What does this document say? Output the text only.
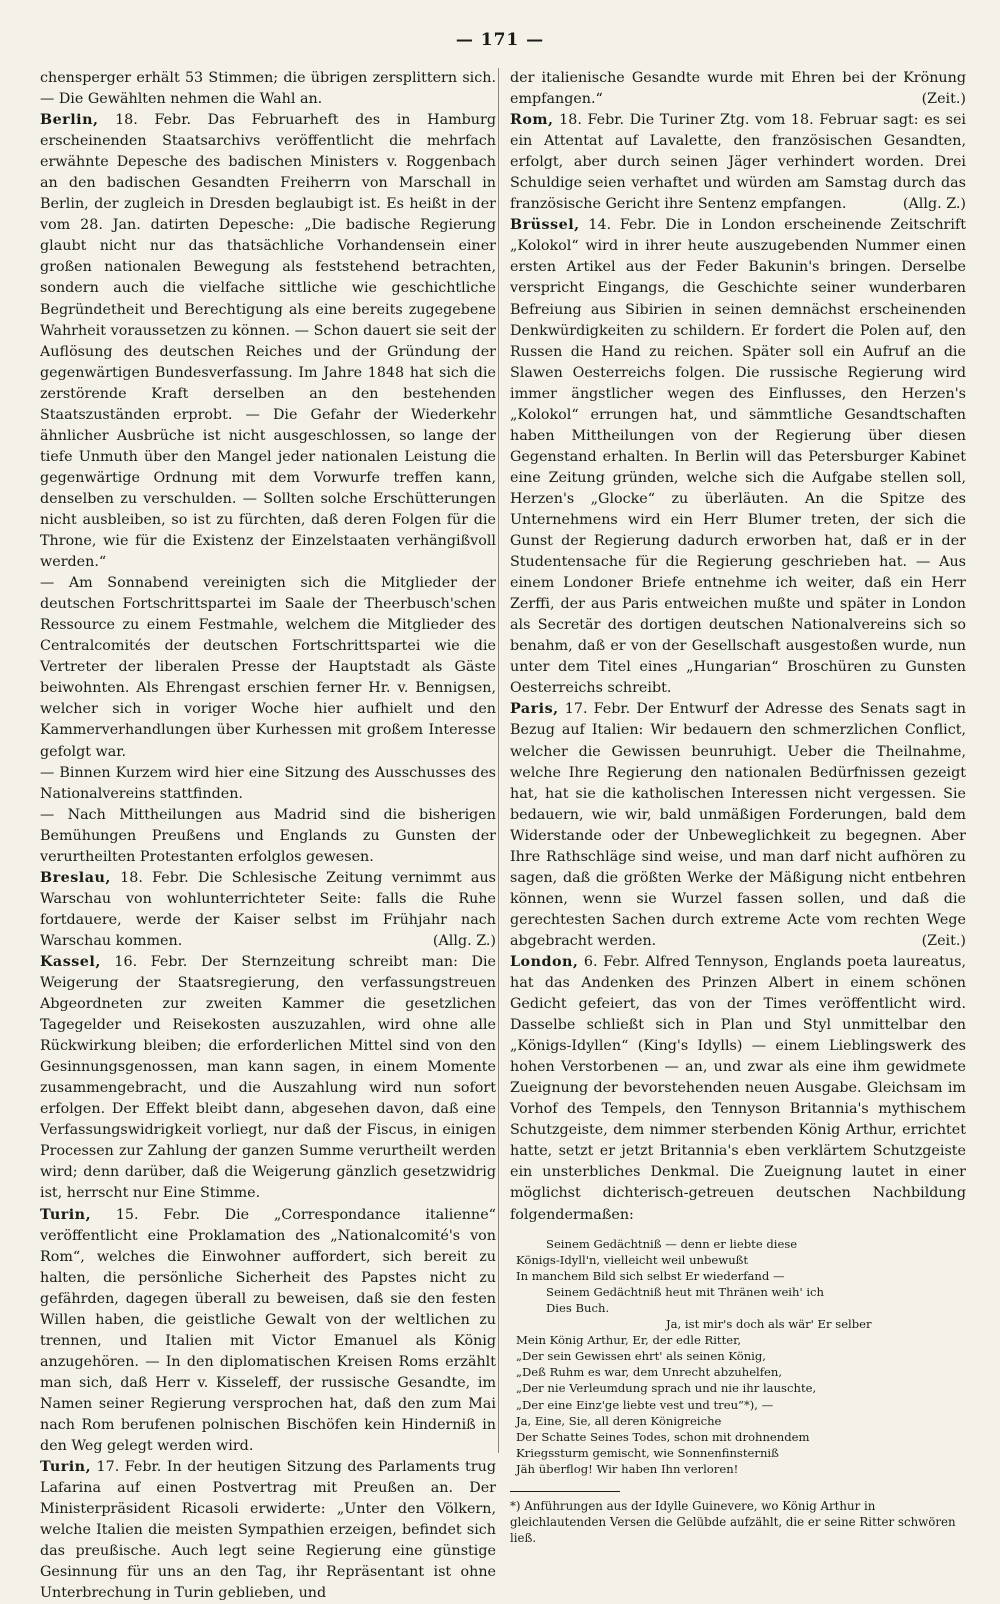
— 171 —

chensperger erhält 53 Stimmen; die übrigen zersplittern sich. — Die Gewählten nehmen die Wahl an.

Berlin, 18. Febr. Das Februarheft des in Hamburg erscheinenden Staatsarchivs veröffentlicht die mehrfach erwähnte Depesche des badischen Ministers v. Roggenbach an den badischen Gesandten Freiherrn von Marschall in Berlin, der zugleich in Dresden beglaubigt ist. Es heißt in der vom 28. Jan. datirten Depesche: „Die badische Regierung glaubt nicht nur das thatsächliche Vorhandensein einer großen nationalen Bewegung als feststehend betrachten, sondern auch die vielfache sittliche wie geschichtliche Begründetheit und Berechtigung als eine bereits zugegebene Wahrheit voraussetzen zu können. — Schon dauert sie seit der Auflösung des deutschen Reiches und der Gründung der gegenwärtigen Bundesverfassung. Im Jahre 1848 hat sich die zerstörende Kraft derselben an den bestehenden Staatszuständen erprobt. — Die Gefahr der Wiederkehr ähnlicher Ausbrüche ist nicht ausgeschlossen, so lange der tiefe Unmuth über den Mangel jeder nationalen Leistung die gegenwärtige Ordnung mit dem Vorwurfe treffen kann, denselben zu verschulden. — Sollten solche Erschütterungen nicht ausbleiben, so ist zu fürchten, daß deren Folgen für die Throne, wie für die Existenz der Einzelstaaten verhängißvoll werden.“

— Am Sonnabend vereinigten sich die Mitglieder der deutschen Fortschrittspartei im Saale der Theerbusch'schen Ressource zu einem Festmahle, welchem die Mitglieder des Centralcomités der deutschen Fortschrittspartei wie die Vertreter der liberalen Presse der Hauptstadt als Gäste beiwohnten. Als Ehrengast erschien ferner Hr. v. Bennigsen, welcher sich in voriger Woche hier aufhielt und den Kammerverhandlungen über Kurhessen mit großem Interesse gefolgt war.

— Binnen Kurzem wird hier eine Sitzung des Ausschusses des Nationalvereins stattfinden.

— Nach Mittheilungen aus Madrid sind die bisherigen Bemühungen Preußens und Englands zu Gunsten der verurtheilten Protestanten erfolglos gewesen.

Breslau, 18. Febr. Die Schlesische Zeitung vernimmt aus Warschau von wohlunterrichteter Seite: falls die Ruhe fortdauere, werde der Kaiser selbst im Frühjahr nach Warschau kommen.	(Allg. Z.)

Kassel, 16. Febr. Der Sternzeitung schreibt man: Die Weigerung der Staatsregierung, den verfassungstreuen Abgeordneten zur zweiten Kammer die gesetzlichen Tagegelder und Reisekosten auszuzahlen, wird ohne alle Rückwirkung bleiben; die erforderlichen Mittel sind von den Gesinnungsgenossen, man kann sagen, in einem Momente zusammengebracht, und die Auszahlung wird nun sofort erfolgen. Der Effekt bleibt dann, abgesehen davon, daß eine Verfassungswidrigkeit vorliegt, nur daß der Fiscus, in einigen Processen zur Zahlung der ganzen Summe verurtheilt werden wird; denn darüber, daß die Weigerung gänzlich gesetzwidrig ist, herrscht nur Eine Stimme.

Turin, 15. Febr. Die „Correspondance italienne“ veröffentlicht eine Proklamation des „Nationalcomité's von Rom“, welches die Einwohner auffordert, sich bereit zu halten, die persönliche Sicherheit des Papstes nicht zu gefährden, dagegen überall zu beweisen, daß sie den festen Willen haben, die geistliche Gewalt von der weltlichen zu trennen, und Italien mit Victor Emanuel als König anzugehören. — In den diplomatischen Kreisen Roms erzählt man sich, daß Herr v. Kisseleff, der russische Gesandte, im Namen seiner Regierung versprochen hat, daß den zum Mai nach Rom berufenen polnischen Bischöfen kein Hinderniß in den Weg gelegt werden wird.

Turin, 17. Febr. In der heutigen Sitzung des Parlaments trug Lafarina auf einen Postvertrag mit Preußen an. Der Ministerpräsident Ricasoli erwiderte: „Unter den Völkern, welche Italien die meisten Sympathien erzeigen, befindet sich das preußische. Auch legt seine Regierung eine günstige Gesinnung für uns an den Tag, ihr Repräsentant ist ohne Unterbrechung in Turin geblieben, und

der italienische Gesandte wurde mit Ehren bei der Krönung empfangen.“	(Zeit.)

Rom, 18. Febr. Die Turiner Ztg. vom 18. Februar sagt: es sei ein Attentat auf Lavalette, den französischen Gesandten, erfolgt, aber durch seinen Jäger verhindert worden. Drei Schuldige seien verhaftet und würden am Samstag durch das französische Gericht ihre Sentenz empfangen.	(Allg. Z.)

Brüssel, 14. Febr. Die in London erscheinende Zeitschrift „Kolokol“ wird in ihrer heute auszugebenden Nummer einen ersten Artikel aus der Feder Bakunin's bringen. Derselbe verspricht Eingangs, die Geschichte seiner wunderbaren Befreiung aus Sibirien in seinen demnächst erscheinenden Denkwürdigkeiten zu schildern. Er fordert die Polen auf, den Russen die Hand zu reichen. Später soll ein Aufruf an die Slawen Oesterreichs folgen. Die russische Regierung wird immer ängstlicher wegen des Einflusses, den Herzen's „Kolokol“ errungen hat, und sämmtliche Gesandtschaften haben Mittheilungen von der Regierung über diesen Gegenstand erhalten. In Berlin will das Petersburger Kabinet eine Zeitung gründen, welche sich die Aufgabe stellen soll, Herzen's „Glocke“ zu überläuten. An die Spitze des Unternehmens wird ein Herr Blumer treten, der sich die Gunst der Regierung dadurch erworben hat, daß er in der Studentensache für die Regierung geschrieben hat. — Aus einem Londoner Briefe entnehme ich weiter, daß ein Herr Zerffi, der aus Paris entweichen mußte und später in London als Secretär des dortigen deutschen Nationalvereins sich so benahm, daß er von der Gesellschaft ausgestoßen wurde, nun unter dem Titel eines „Hungarian“ Broschüren zu Gunsten Oesterreichs schreibt.

Paris, 17. Febr. Der Entwurf der Adresse des Senats sagt in Bezug auf Italien: Wir bedauern den schmerzlichen Conflict, welcher die Gewissen beunruhigt. Ueber die Theilnahme, welche Ihre Regierung den nationalen Bedürfnissen gezeigt hat, hat sie die katholischen Interessen nicht vergessen. Sie bedauern, wie wir, bald unmäßigen Forderungen, bald dem Widerstande oder der Unbeweglichkeit zu begegnen. Aber Ihre Rathschläge sind weise, und man darf nicht aufhören zu sagen, daß die größten Werke der Mäßigung nicht entbehren können, wenn sie Wurzel fassen sollen, und daß die gerechtesten Sachen durch extreme Acte vom rechten Wege abgebracht werden.	(Zeit.)

London, 6. Febr. Alfred Tennyson, Englands poeta laureatus, hat das Andenken des Prinzen Albert in einem schönen Gedicht gefeiert, das von der Times veröffentlicht wird. Dasselbe schließt sich in Plan und Styl unmittelbar den „Königs-Idyllen“ (King's Idylls) — einem Lieblingswerk des hohen Verstorbenen — an, und zwar als eine ihm gewidmete Zueignung der bevorstehenden neuen Ausgabe. Gleichsam im Vorhof des Tempels, den Tennyson Britannia's mythischem Schutzgeiste, dem nimmer sterbenden König Arthur, errichtet hatte, setzt er jetzt Britannia's eben verklärtem Schutzgeiste ein unsterbliches Denkmal. Die Zueignung lautet in einer möglichst dichterisch-getreuen deutschen Nachbildung folgendermaßen:

Seinem Gedächtniß — denn er liebte diese
Königs-Idyll'n, vielleicht weil unbewußt
In manchem Bild sich selbst Er wiederfand —
Seinem Gedächtniß heut mit Thränen weih' ich
Dies Buch.
Ja, ist mir's doch als wär' Er selber
Mein König Arthur, Er, der edle Ritter,
„Der sein Gewissen ehrt' als seinen König,
„Deß Ruhm es war, dem Unrecht abzuhelfen,
„Der nie Verleumdung sprach und nie ihr lauschte,
„Der eine Einz'ge liebte vest und treu“*), —
Ja, Eine, Sie, all deren Königreiche
Der Schatte Seines Todes, schon mit drohnendem
Kriegssturm gemischt, wie Sonnenfinsterniß
Jäh überflog! Wir haben Ihn verloren!
*) Anführungen aus der Idylle Guinevere, wo König Arthur in gleichlautenden Versen die Gelübde aufzählt, die er seine Ritter schwören ließ.
